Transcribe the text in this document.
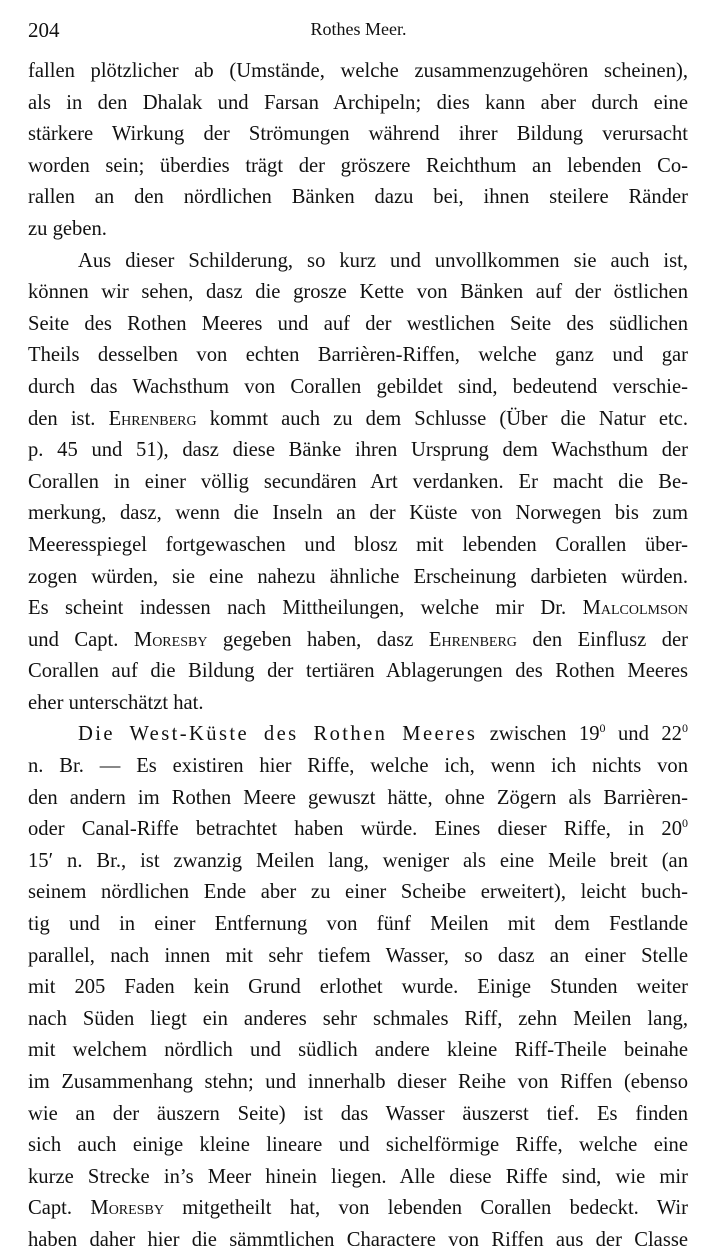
204	Rothes Meer.
fallen plötzlicher ab (Umstände, welche zusammenzugehören scheinen),
als in den Dhalak und Farsan Archipeln; dies kann aber durch eine
stärkere Wirkung der Strömungen während ihrer Bildung verursacht
worden sein; überdies trägt der gröszere Reichthum an lebenden Co-
rallen an den nördlichen Bänken dazu bei, ihnen steilere Ränder
zu geben.
Aus dieser Schilderung, so kurz und unvollkommen sie auch ist,
können wir sehen, dasz die grosze Kette von Bänken auf der östlichen
Seite des Rothen Meeres und auf der westlichen Seite des südlichen
Theils desselben von echten Barrièren-Riffen, welche ganz und gar
durch das Wachsthum von Corallen gebildet sind, bedeutend verschie-
den ist. Ehrenberg kommt auch zu dem Schlusse (Über die Natur etc.
p. 45 und 51), dasz diese Bänke ihren Ursprung dem Wachsthum der
Corallen in einer völlig secundären Art verdanken. Er macht die Be-
merkung, dasz, wenn die Inseln an der Küste von Norwegen bis zum
Meeresspiegel fortgewaschen und blosz mit lebenden Corallen über-
zogen würden, sie eine nahezu ähnliche Erscheinung darbieten würden.
Es scheint indessen nach Mittheilungen, welche mir Dr. Malcolmson
und Capt. Moresby gegeben haben, dasz Ehrenberg den Einflusz der
Corallen auf die Bildung der tertiären Ablagerungen des Rothen Meeres
eher unterschätzt hat.
Die West-Küste des Rothen Meeres zwischen $19^0$ und $22^0$
n. Br. — Es existiren hier Riffe, welche ich, wenn ich nichts von
den andern im Rothen Meere gewuszt hätte, ohne Zögern als Barrièren-
oder Canal-Riffe betrachtet haben würde. Eines dieser Riffe, in $20^0$
15′ n. Br., ist zwanzig Meilen lang, weniger als eine Meile breit (an
seinem nördlichen Ende aber zu einer Scheibe erweitert), leicht buch-
tig und in einer Entfernung von fünf Meilen mit dem Festlande
parallel, nach innen mit sehr tiefem Wasser, so dasz an einer Stelle
mit 205 Faden kein Grund erlothet wurde. Einige Stunden weiter
nach Süden liegt ein anderes sehr schmales Riff, zehn Meilen lang,
mit welchem nördlich und südlich andere kleine Riff-Theile beinahe
im Zusammenhang stehn; und innerhalb dieser Reihe von Riffen (ebenso
wie an der äuszern Seite) ist das Wasser äuszerst tief. Es finden
sich auch einige kleine lineare und sichelförmige Riffe, welche eine
kurze Strecke in’s Meer hinein liegen. Alle diese Riffe sind, wie mir
Capt. Moresby mitgetheilt hat, von lebenden Corallen bedeckt. Wir
haben daher hier die sämmtlichen Charactere von Riffen aus der Classe
